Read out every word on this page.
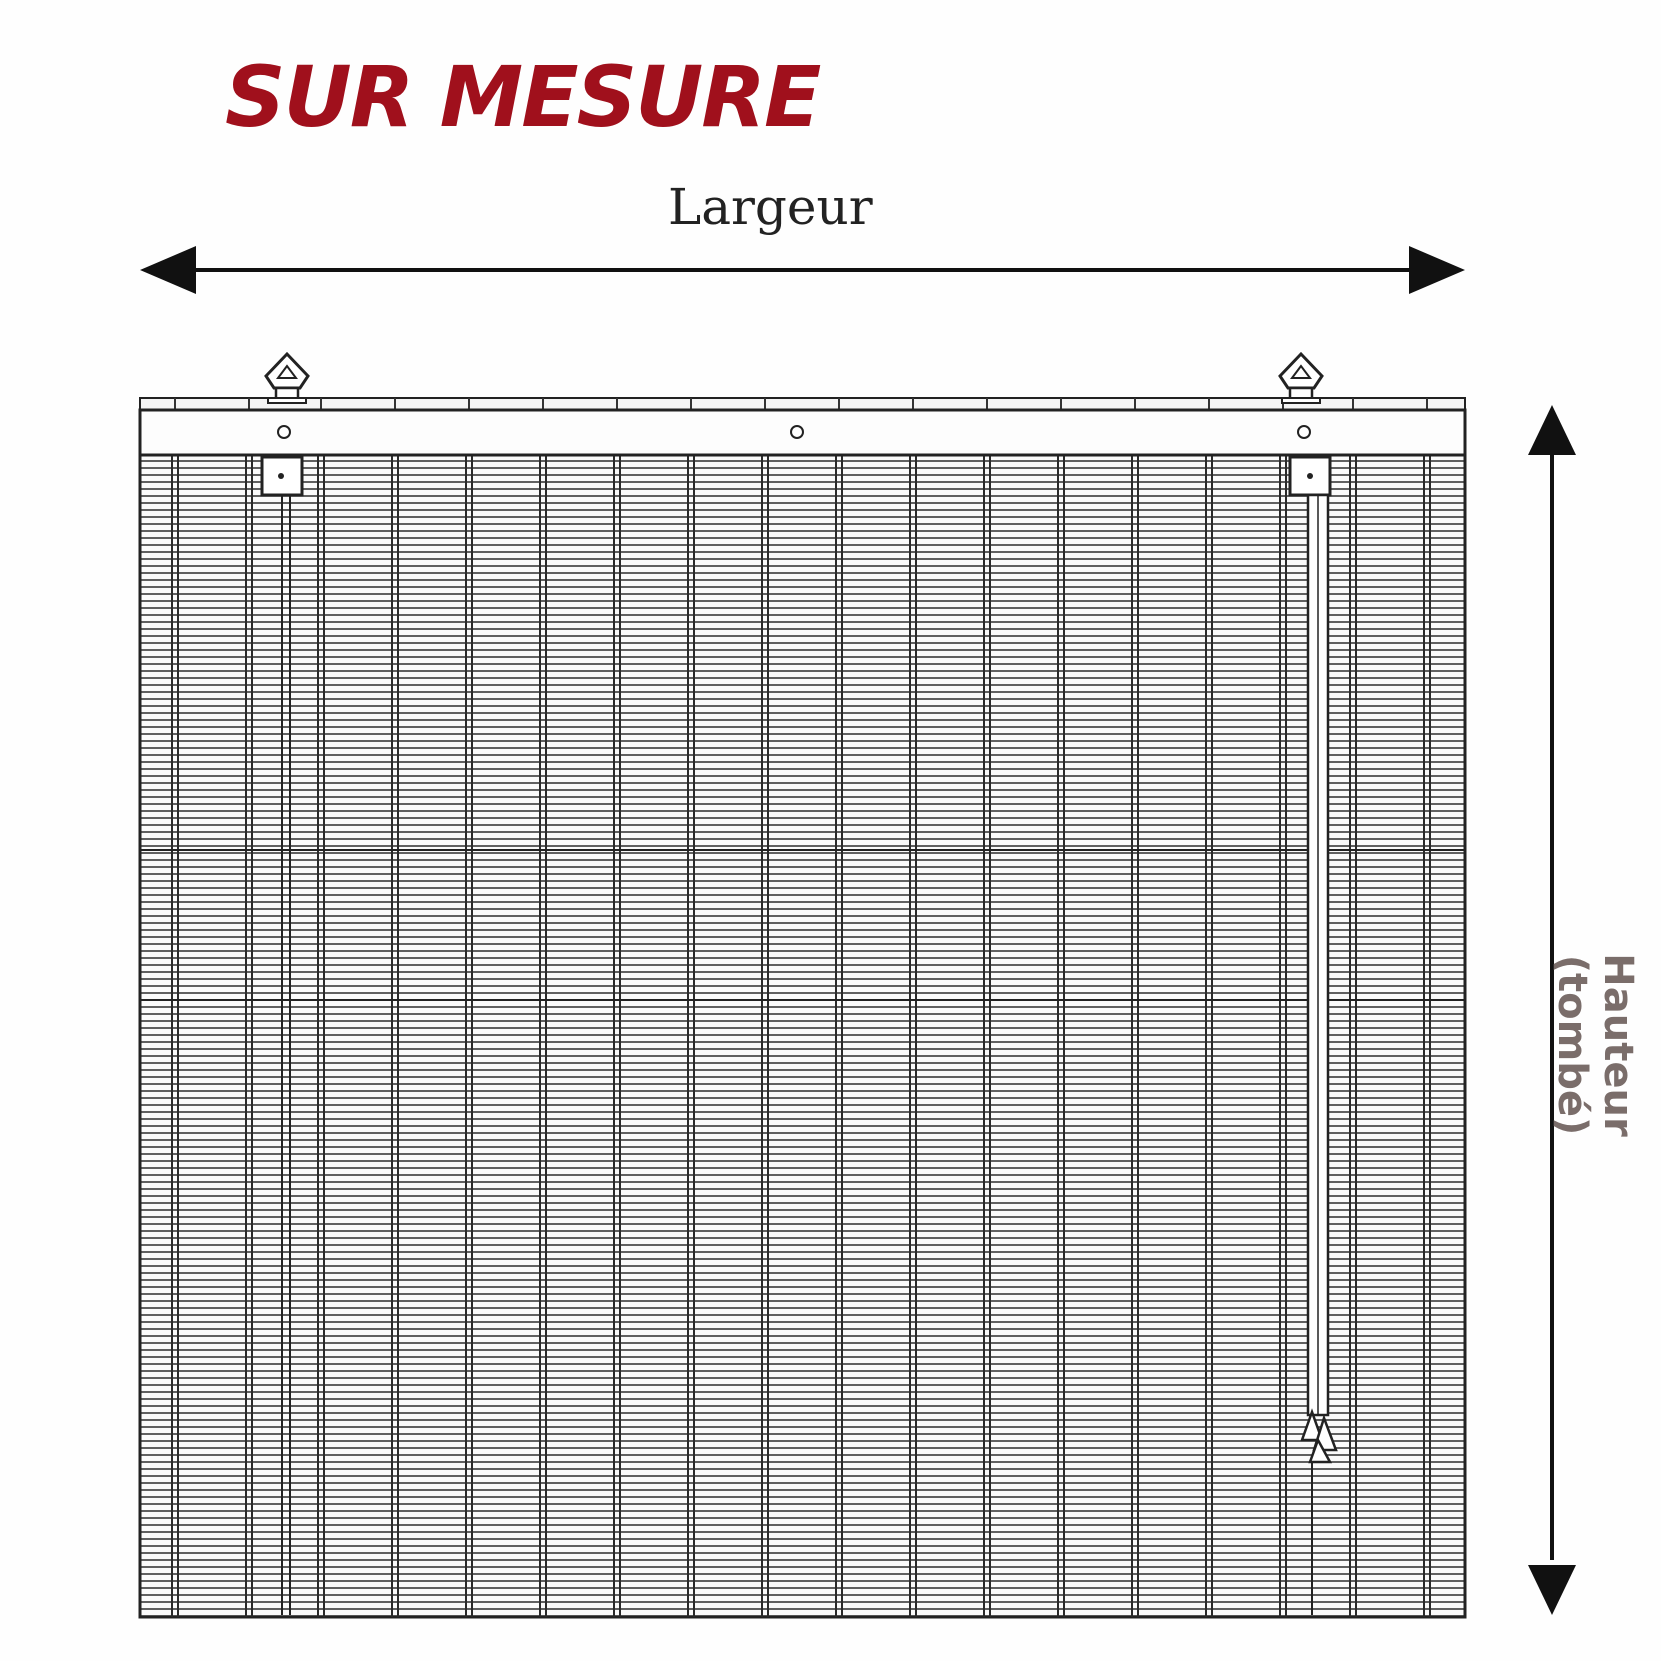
SUR MESURE
Largeur
Hauteur
(tombé)
